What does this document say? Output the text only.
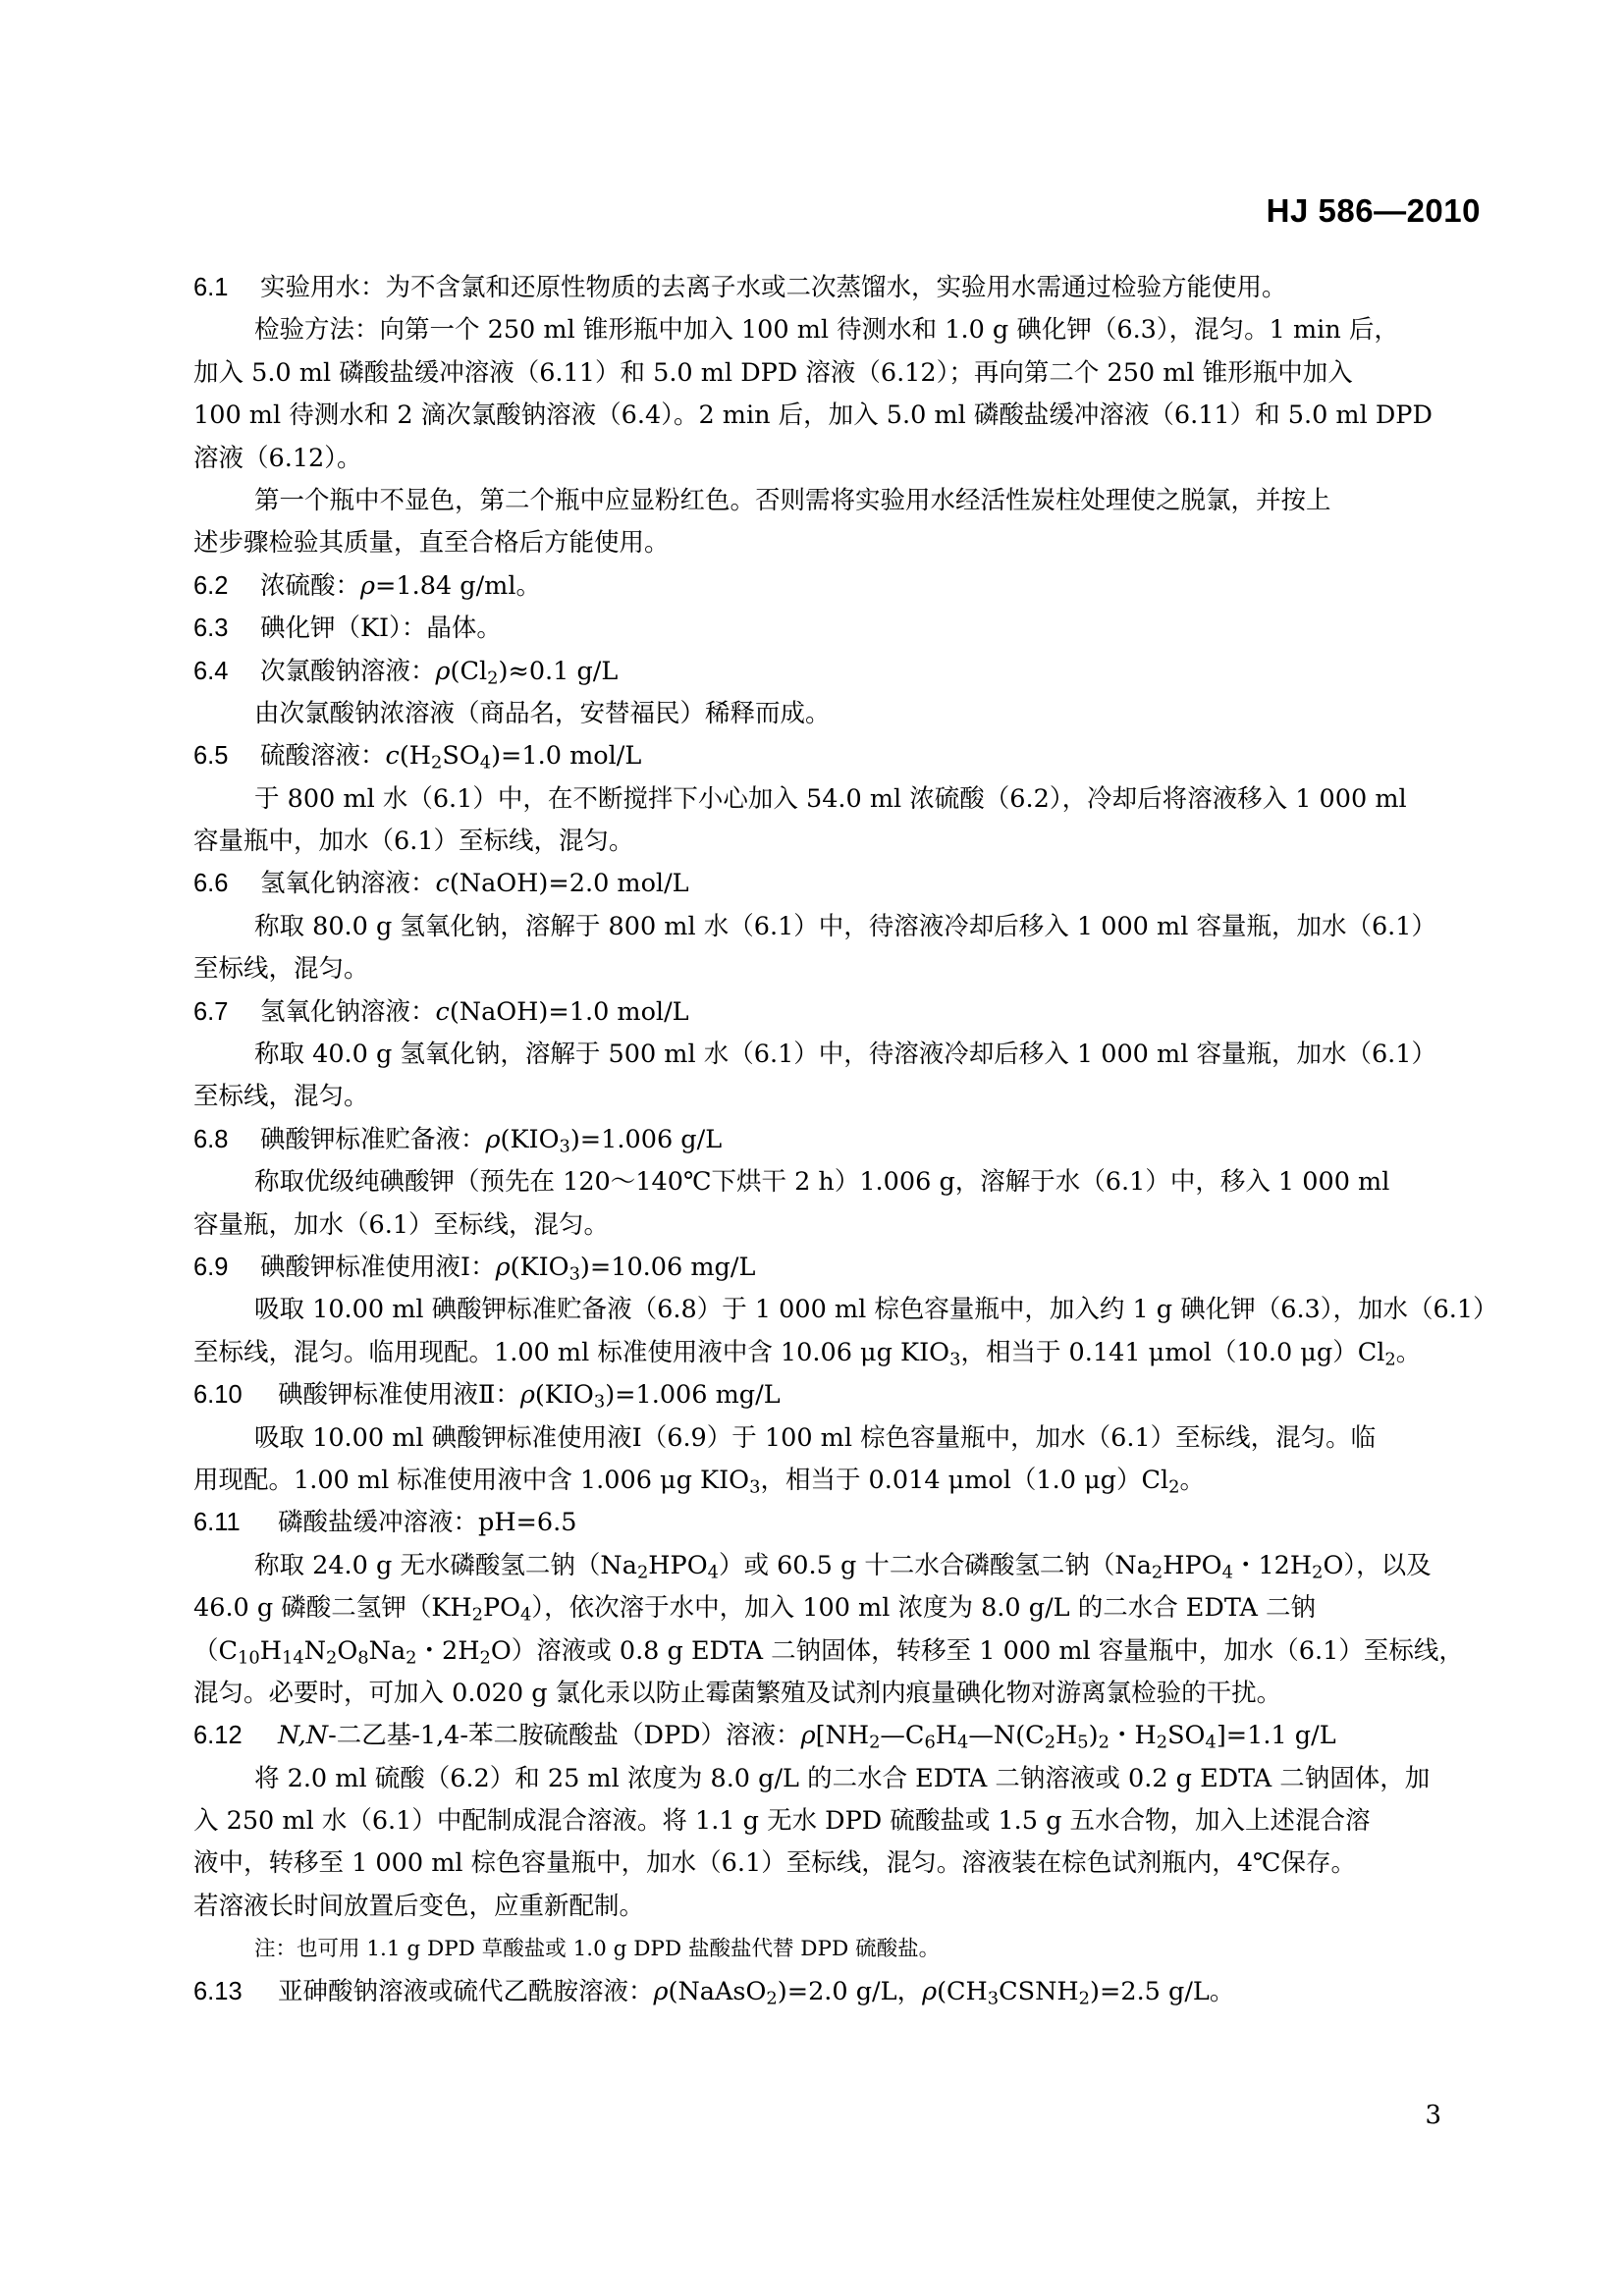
HJ 586—2010
6.1 实验用水：为不含氯和还原性物质的去离子水或二次蒸馏水，实验用水需通过检验方能使用。
检验方法：向第一个 250 ml 锥形瓶中加入 100 ml 待测水和 1.0 g 碘化钾（6.3），混匀。1 min 后，
加入 5.0 ml 磷酸盐缓冲溶液（6.11）和 5.0 ml DPD 溶液（6.12）；再向第二个 250 ml 锥形瓶中加入
100 ml 待测水和 2 滴次氯酸钠溶液（6.4）。2 min 后，加入 5.0 ml 磷酸盐缓冲溶液（6.11）和 5.0 ml DPD
溶液（6.12）。
第一个瓶中不显色，第二个瓶中应显粉红色。否则需将实验用水经活性炭柱处理使之脱氯，并按上
述步骤检验其质量，直至合格后方能使用。
6.2 浓硫酸：ρ=1.84 g/ml。
6.3 碘化钾（KI）：晶体。
6.4 次氯酸钠溶液：$\rho(Cl_2)\approx 0.1$ g/L
由次氯酸钠浓溶液（商品名，安替福民）稀释而成。
6.5 硫酸溶液：$c(H_2SO_4)=1.0$ mol/L
于 800 ml 水（6.1）中，在不断搅拌下小心加入 54.0 ml 浓硫酸（6.2），冷却后将溶液移入 1 000 ml
容量瓶中，加水（6.1）至标线，混匀。
6.6 氢氧化钠溶液：c(NaOH)=2.0 mol/L
称取 80.0 g 氢氧化钠，溶解于 800 ml 水（6.1）中，待溶液冷却后移入 1 000 ml 容量瓶，加水（6.1）
至标线，混匀。
6.7 氢氧化钠溶液：c(NaOH)=1.0 mol/L
称取 40.0 g 氢氧化钠，溶解于 500 ml 水（6.1）中，待溶液冷却后移入 1 000 ml 容量瓶，加水（6.1）
至标线，混匀。
6.8 碘酸钾标准贮备液：$\rho(KIO_3)=1.006$ g/L
称取优级纯碘酸钾（预先在 120～140℃下烘干 2 h）1.006 g，溶解于水（6.1）中，移入 1 000 ml
容量瓶，加水（6.1）至标线，混匀。
6.9 碘酸钾标准使用液Ⅰ：$\rho(KIO_3)=10.06$ mg/L
吸取 10.00 ml 碘酸钾标准贮备液（6.8）于 1 000 ml 棕色容量瓶中，加入约 1 g 碘化钾（6.3），加水（6.1）
至标线，混匀。临用现配。1.00 ml 标准使用液中含 10.06 μg $KIO_3$，相当于 0.141 μmol（10.0 $\mu g)Cl_2$。
6.10 碘酸钾标准使用液Ⅱ：$\rho(KIO_3)=1.006$ mg/L
吸取 10.00 ml 碘酸钾标准使用液Ⅰ（6.9）于 100 ml 棕色容量瓶中，加水（6.1）至标线，混匀。临
用现配。1.00 ml 标准使用液中含 1.006 μg $KIO_3$，相当于 0.014 μmol（1.0 $\mu g)Cl_2$。
6.11 磷酸盐缓冲溶液：pH=6.5
称取 24.0 g 无水磷酸氢二钠$(Na_2HPO_4)$或 60.5 g 十二水合磷酸氢二钠（$Na_2HPO_4$・$12H_2O$），以及
46.0 g 磷酸二氢钾$(KH_2PO_4)$，依次溶于水中，加入 100 ml 浓度为 8.0 g/L 的二水合 EDTA 二钠
（$C_{10}H_{14}N_2O_8Na_2$・$2H_2O$）溶液或 0.8 g EDTA 二钠固体，转移至 1 000 ml 容量瓶中，加水（6.1）至标线，
混匀。必要时，可加入 0.020 g 氯化汞以防止霉菌繁殖及试剂内痕量碘化物对游离氯检验的干扰。
6.12 N,N-二乙基-1,4-苯二胺硫酸盐（DPD）溶液：$\rho[NH_2—C_6H_4—N(C_2H_5)_2$・$H_2SO_4]=1.1$ g/L
将 2.0 ml 硫酸（6.2）和 25 ml 浓度为 8.0 g/L 的二水合 EDTA 二钠溶液或 0.2 g EDTA 二钠固体，加
入 250 ml 水（6.1）中配制成混合溶液。将 1.1 g 无水 DPD 硫酸盐或 1.5 g 五水合物，加入上述混合溶
液中，转移至 1 000 ml 棕色容量瓶中，加水（6.1）至标线，混匀。溶液装在棕色试剂瓶内，4℃保存。
若溶液长时间放置后变色，应重新配制。
注：也可用 1.1 g DPD 草酸盐或 1.0 g DPD 盐酸盐代替 DPD 硫酸盐。
6.13 亚砷酸钠溶液或硫代乙酰胺溶液：ρ(NaAsO$_2$)=2.0 g/L，$\rho(CH_3CSNH_2)=2.5$ g/L。
3
